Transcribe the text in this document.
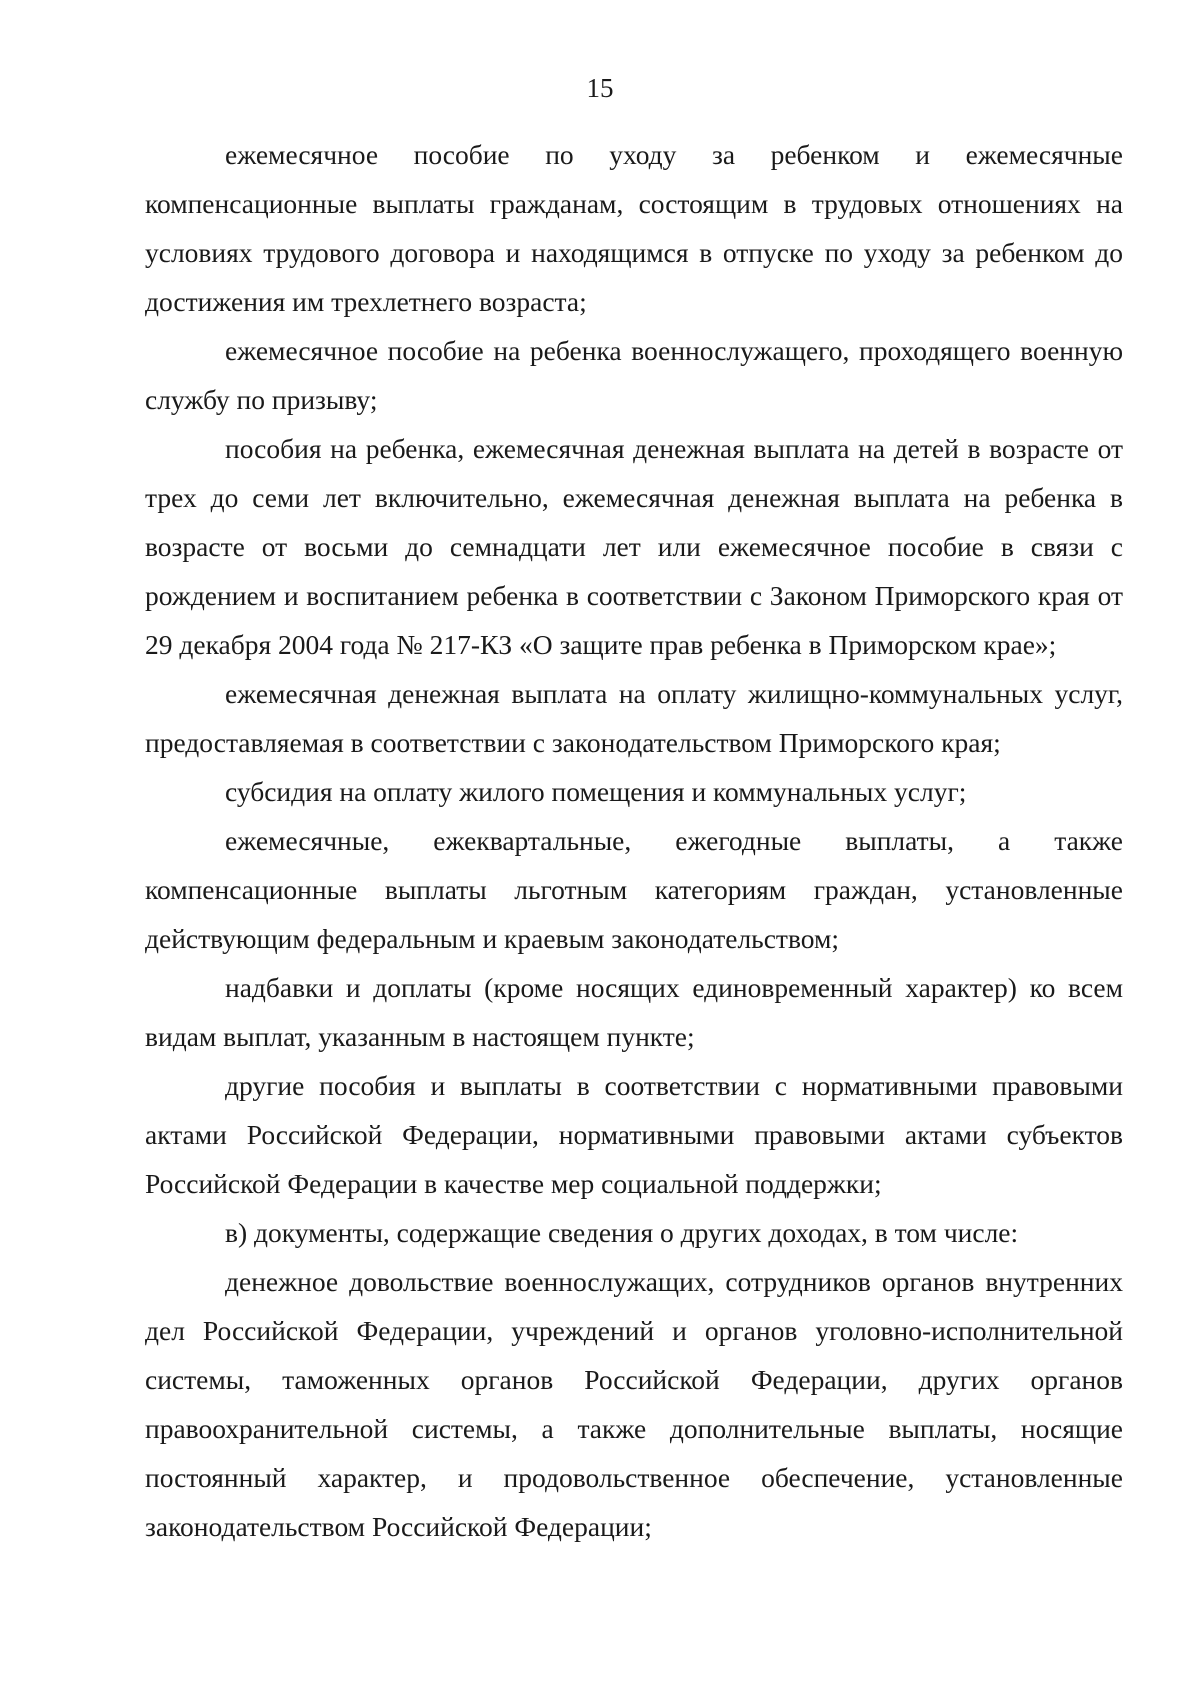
15

ежемесячное пособие по уходу за ребенком и ежемесячные компенсационные выплаты гражданам, состоящим в трудовых отношениях на условиях трудового договора и находящимся в отпуске по уходу за ребенком до достижения им трехлетнего возраста;

ежемесячное пособие на ребенка военнослужащего, проходящего военную службу по призыву;

пособия на ребенка, ежемесячная денежная выплата на детей в возрасте от трех до семи лет включительно, ежемесячная денежная выплата на ребенка в возрасте от восьми до семнадцати лет или ежемесячное пособие в связи с рождением и воспитанием ребенка в соответствии с Законом Приморского края от 29 декабря 2004 года № 217-КЗ «О защите прав ребенка в Приморском крае»;

ежемесячная денежная выплата на оплату жилищно-коммунальных услуг, предоставляемая в соответствии с законодательством Приморского края;

субсидия на оплату жилого помещения и коммунальных услуг;

ежемесячные, ежеквартальные, ежегодные выплаты, а также компенсационные выплаты льготным категориям граждан, установленные действующим федеральным и краевым законодательством;

надбавки и доплаты (кроме носящих единовременный характер) ко всем видам выплат, указанным в настоящем пункте;

другие пособия и выплаты в соответствии с нормативными правовыми актами Российской Федерации, нормативными правовыми актами субъектов Российской Федерации в качестве мер социальной поддержки;

в) документы, содержащие сведения о других доходах, в том числе:

денежное довольствие военнослужащих, сотрудников органов внутренних дел Российской Федерации, учреждений и органов уголовно-исполнительной системы, таможенных органов Российской Федерации, других органов правоохранительной системы, а также дополнительные выплаты, носящие постоянный характер, и продовольственное обеспечение, установленные законодательством Российской Федерации;
